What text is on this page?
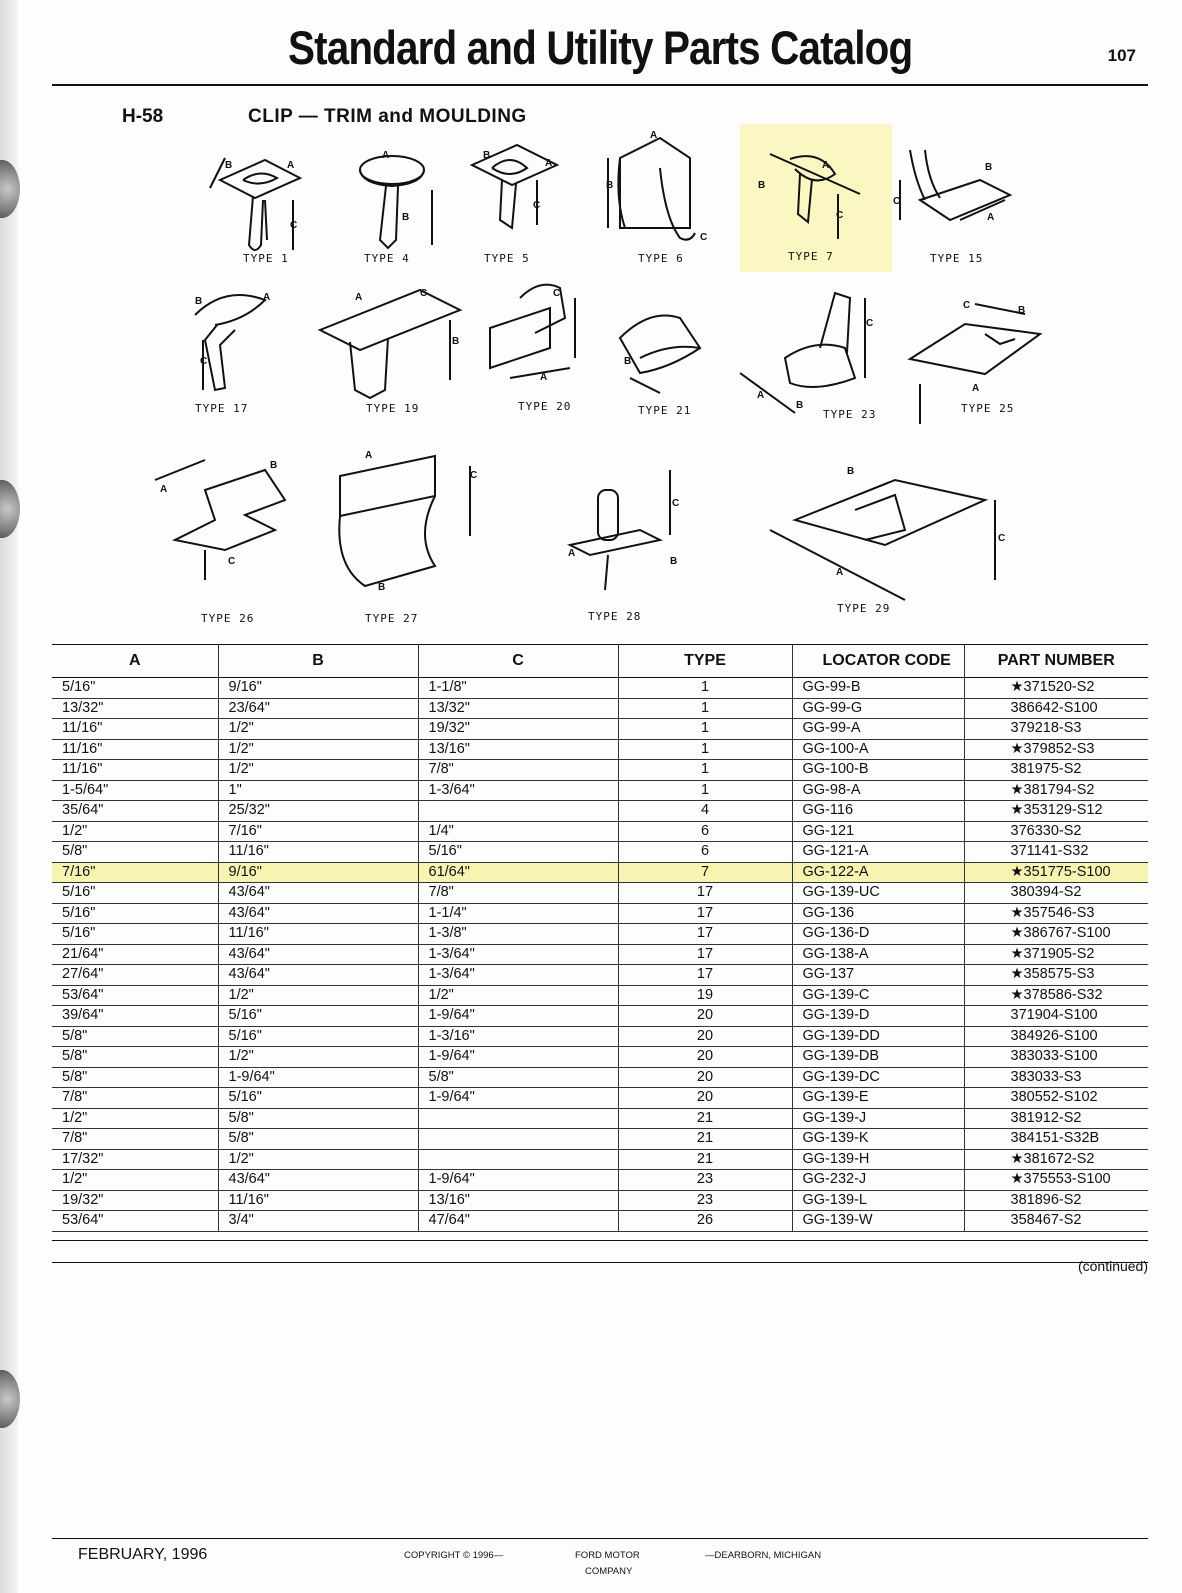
Standard and Utility Parts Catalog	107
H-58	CLIP — TRIM and MOULDING
TYPE 1	TYPE 4	TYPE 5	TYPE 6	TYPE 7	TYPE 15
TYPE 17	TYPE 19	TYPE 20	TYPE 21	TYPE 23	TYPE 25
TYPE 26	TYPE 27	TYPE 28
TYPE 29
A	B	C	TYPE	LOCATOR CODE	PART NUMBER
5/16"	9/16"	1-1/8"	1	GG-99-B	★371520-S2
13/32"	23/64"	13/32"	1	GG-99-G	386642-S100
11/16"	1/2"	19/32"	1	GG-99-A	379218-S3
11/16"	1/2"	13/16"	1	GG-100-A	★379852-S3
11/16"	1/2"	7/8"	1	GG-100-B	381975-S2
1-5/64"	1"	1-3/64"	1	GG-98-A	★381794-S2
35/64"	25/32"		4	GG-116	★353129-S12
1/2"	7/16"	1/4"	6	GG-121	376330-S2
5/8"	11/16"	5/16"	6	GG-121-A	371141-S32
7/16"	9/16"	61/64"	7	GG-122-A	★351775-S100
5/16"	43/64"	7/8"	17	GG-139-UC	380394-S2
5/16"	43/64"	1-1/4"	17	GG-136	★357546-S3
5/16"	11/16"	1-3/8"	17	GG-136-D	★386767-S100
21/64"	43/64"	1-3/64"	17	GG-138-A	★371905-S2
27/64"	43/64"	1-3/64"	17	GG-137	★358575-S3
53/64"	1/2"	1/2"	19	GG-139-C	★378586-S32
39/64"	5/16"	1-9/64"	20	GG-139-D	371904-S100
5/8"	5/16"	1-3/16"	20	GG-139-DD	384926-S100
5/8"	1/2"	1-9/64"	20	GG-139-DB	383033-S100
5/8"	1-9/64"	5/8"	20	GG-139-DC	383033-S3
7/8"	5/16"	1-9/64"	20	GG-139-E	380552-S102
1/2"	5/8"		21	GG-139-J	381912-S2
7/8"	5/8"		21	GG-139-K	384151-S32B
17/32"	1/2"		21	GG-139-H	★381672-S2
1/2"	43/64"	1-9/64"	23	GG-232-J	★375553-S100
19/32"	11/16"	13/16"	23	GG-139-L	381896-S2
53/64"	3/4"	47/64"	26	GG-139-W	358467-S2
(continued)
FEBRUARY, 1996	COPYRIGHT © 1996—	FORD MOTOR
COMPANY
—DEARBORN, MICHIGAN
B	A
C
A
B
B
A
C
B
C
A
B
A
C
C
B
A
B	A
C
C
A
B
A
C
B
A
B
C
C	B
A
A
B
C
A
C
B
A
B
C
B
A
C
